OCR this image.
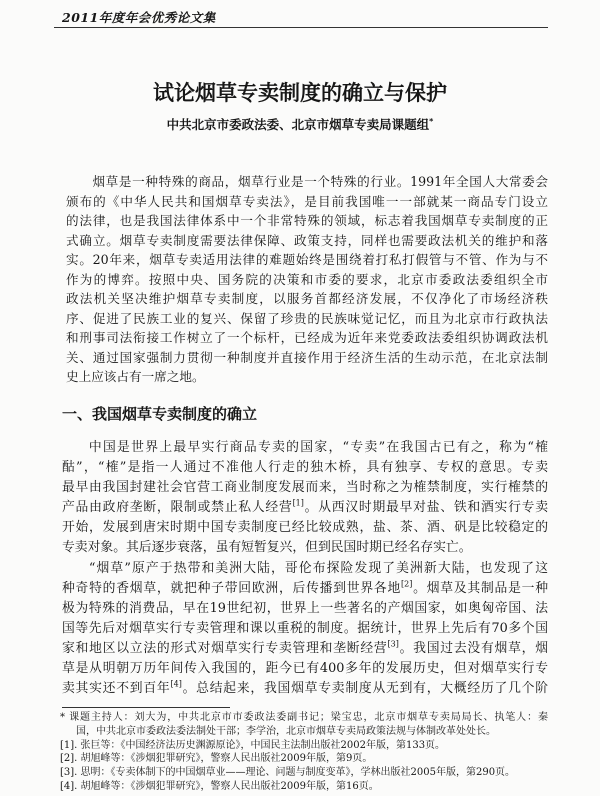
2011年度年会优秀论文集
试论烟草专卖制度的确立与保护
中共北京市委政法委、北京市烟草专卖局课题组*
烟草是一种特殊的商品，烟草行业是一个特殊的行业。1991年全国人大常委会
颁布的《中华人民共和国烟草专卖法》，是目前我国唯一一部就某一商品专门设立
的法律，也是我国法律体系中一个非常特殊的领域，标志着我国烟草专卖制度的正
式确立。烟草专卖制度需要法律保障、政策支持，同样也需要政法机关的维护和落
实。20年来，烟草专卖适用法律的难题始终是围绕着打私打假管与不管、作为与不
作为的博弈。按照中央、国务院的决策和市委的要求，北京市委政法委组织全市
政法机关坚决维护烟草专卖制度，以服务首都经济发展，不仅净化了市场经济秩
序、促进了民族工业的复兴、保留了珍贵的民族味觉记忆，而且为北京市行政执法
和刑事司法衔接工作树立了一个标杆，已经成为近年来党委政法委组织协调政法机
关、通过国家强制力贯彻一种制度并直接作用于经济生活的生动示范，在北京法制
史上应该占有一席之地。
一、我国烟草专卖制度的确立
中国是世界上最早实行商品专卖的国家，“专卖”在我国古已有之，称为“榷
酤”，“榷”是指一人通过不准他人行走的独木桥，具有独享、专权的意思。专卖
最早由我国封建社会官营工商业制度发展而来，当时称之为榷禁制度，实行榷禁的
产品由政府垄断，限制或禁止私人经营[1]。从西汉时期最早对盐、铁和酒实行专卖
开始，发展到唐宋时期中国专卖制度已经比较成熟，盐、茶、酒、矾是比较稳定的
专卖对象。其后逐步衰落，虽有短暂复兴，但到民国时期已经名存实亡。
“烟草”原产于热带和美洲大陆，哥伦布探险发现了美洲新大陆，也发现了这
种奇特的香烟草，就把种子带回欧洲，后传播到世界各地[2]。烟草及其制品是一种
极为特殊的消费品，早在19世纪初，世界上一些著名的产烟国家，如奥匈帝国、法
国等先后对烟草实行专卖管理和课以重税的制度。据统计，世界上先后有70多个国
家和地区以立法的形式对烟草实行专卖管理和垄断经营[3]。我国过去没有烟草，烟
草是从明朝万历年间传入我国的，距今已有400多年的发展历史，但对烟草实行专
卖其实还不到百年[4]。总结起来，我国烟草专卖制度从无到有，大概经历了几个阶
* 课题主持人：刘大为，中共北京市市委政法委副书记；梁宝忠，北京市烟草专卖局局长、执笔人：秦
国，中共北京市委政法委法制处干部；李学治，北京市烟草专卖局政策法规与体制改革处处长。
[1]. 张巨等：《中国经济法历史渊源原论》，中国民主法制出版社2002年版，第133页。
[2]. 胡旭峰等：《涉烟犯罪研究》，警察人民出版社2009年版，第9页。
[3]. 思明：《专卖体制下的中国烟草业——理论、问题与制度变革》，学林出版社2005年版，第290页。
[4]. 胡旭峰等：《涉烟犯罪研究》，警察人民出版社2009年版，第16页。
